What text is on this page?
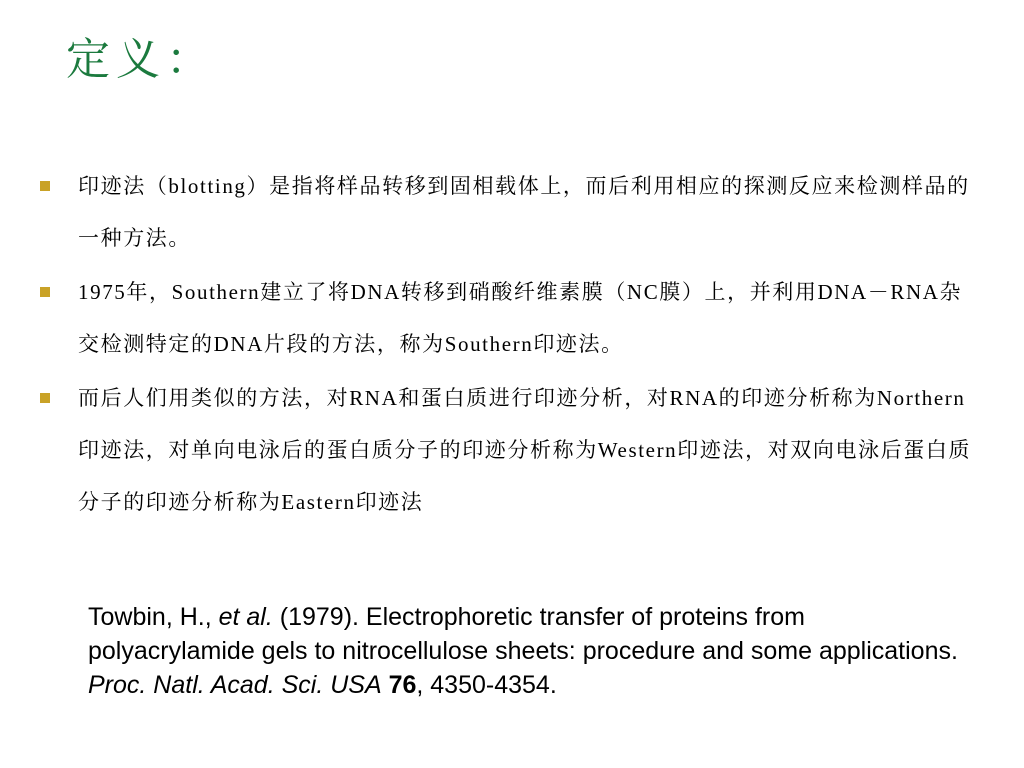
定义：
印迹法（blotting）是指将样品转移到固相载体上，而后利用相应的探测反应来检测样品的一种方法。
1975年，Southern建立了将DNA转移到硝酸纤维素膜（NC膜）上，并利用DNA－RNA杂交检测特定的DNA片段的方法，称为Southern印迹法。
而后人们用类似的方法，对RNA和蛋白质进行印迹分析，对RNA的印迹分析称为Northern印迹法，对单向电泳后的蛋白质分子的印迹分析称为Western印迹法，对双向电泳后蛋白质分子的印迹分析称为Eastern印迹法
Towbin, H., et al. (1979). Electrophoretic transfer of proteins from polyacrylamide gels to nitrocellulose sheets: procedure and some applications. Proc. Natl. Acad. Sci. USA 76, 4350-4354.
